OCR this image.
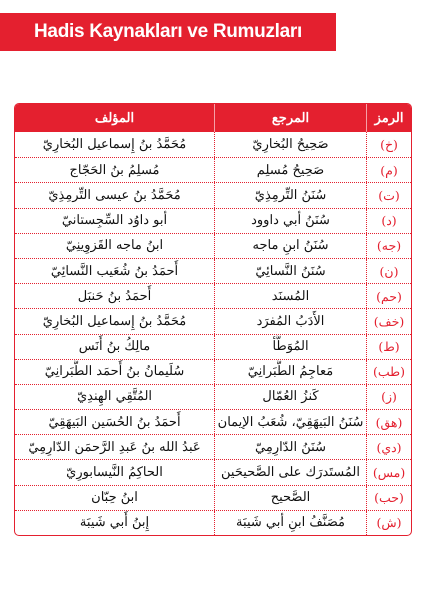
Hadis Kaynakları ve Rumuzları
الرمز
المرجع
المؤلف
(خ)
صَحِيحُ البُخارِيّ
مُحَمَّدُ بنُ إِسماعيل البُخارِيّ
(م)
صَحِيحُ مُسلِم
مُسلِمُ بنُ الحَجّاج
(ت)
سُنَنُ التِّرمِذِيّ
مُحَمَّدُ بنُ عيسى التِّرمِذِيّ
(د)
سُنَنُ أبي داوود
أبو داوُد السِّجِستانيّ
(جه)
سُنَنُ ابنِ ماجه
ابنُ ماجه القَزوِينِيّ
(ن)
سُنَنُ النَّسائِيّ
أَحمَدُ بنُ شُعَيب النَّسائِيّ
(حم)
المُسنَد
أَحمَدُ بنُ حَنبَل
(خف)
الأَدَبُ المُفرَد
مُحَمَّدُ بنُ إِسماعيل البُخارِيّ
(ط)
المُوَطَّأ
مالِكُ بنُ أَنَس
(طب)
مَعاجِمُ الطَّبَرانِيّ
سُلَيمانُ بنُ أَحمَد الطَّبَرانِيّ
(ز)
كَنزُ العُمّال
المُتَّقِي الهِندِيّ
(هق)
سُنَنُ البَيهَقِيّ، شُعَبُ الإيمان
أَحمَدُ بنُ الحُسَين البَيهَقِيّ
(دي)
سُنَنُ الدّارِمِيّ
عَبدُ الله بنُ عَبدِ الرَّحمَن الدّارِمِيّ
(مس)
المُستَدرَك على الصَّحيحَين
الحاكِمُ النَّيسابورِيّ
(حب)
الصَّحيح
ابنُ حِبّان
(ش)
مُصَنَّفُ ابنِ أبي شَيبَة
إِبنُ أَبي شَيبَة
